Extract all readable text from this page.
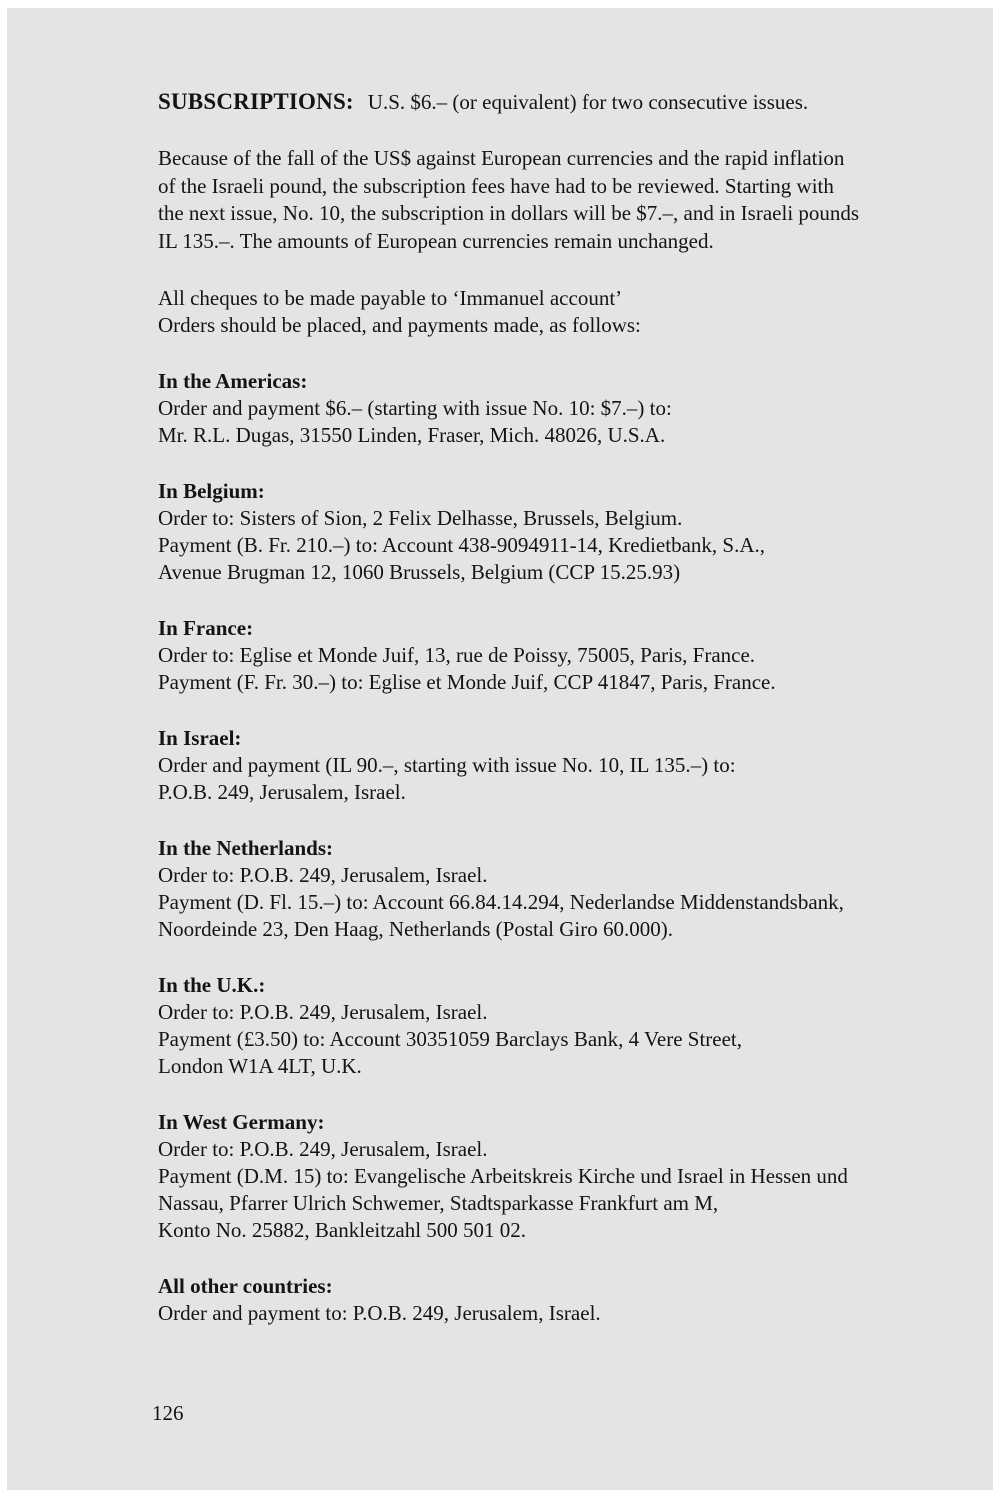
SUBSCRIPTIONS: U.S. $6.– (or equivalent) for two consecutive issues.

Because of the fall of the US$ against European currencies and the rapid inflation

of the Israeli pound, the subscription fees have had to be reviewed. Starting with

the next issue, No. 10, the subscription in dollars will be $7.–, and in Israeli pounds

IL 135.–. The amounts of European currencies remain unchanged.

All cheques to be made payable to ‘Immanuel account’

Orders should be placed, and payments made, as follows:

In the Americas:

Order and payment $6.– (starting with issue No. 10: $7.–) to:

Mr. R.L. Dugas, 31550 Linden, Fraser, Mich. 48026, U.S.A.

In Belgium:

Order to: Sisters of Sion, 2 Felix Delhasse, Brussels, Belgium.

Payment (B. Fr. 210.–) to: Account 438-9094911-14, Kredietbank, S.A.,

Avenue Brugman 12, 1060 Brussels, Belgium (CCP 15.25.93)

In France:

Order to: Eglise et Monde Juif, 13, rue de Poissy, 75005, Paris, France.

Payment (F. Fr. 30.–) to: Eglise et Monde Juif, CCP 41847, Paris, France.

In Israel:

Order and payment (IL 90.–, starting with issue No. 10, IL 135.–) to:

P.O.B. 249, Jerusalem, Israel.

In the Netherlands:

Order to: P.O.B. 249, Jerusalem, Israel.

Payment (D. Fl. 15.–) to: Account 66.84.14.294, Nederlandse Middenstandsbank,

Noordeinde 23, Den Haag, Netherlands (Postal Giro 60.000).

In the U.K.:

Order to: P.O.B. 249, Jerusalem, Israel.

Payment (£3.50) to: Account 30351059 Barclays Bank, 4 Vere Street,

London W1A 4LT, U.K.

In West Germany:

Order to: P.O.B. 249, Jerusalem, Israel.

Payment (D.M. 15) to: Evangelische Arbeitskreis Kirche und Israel in Hessen und

Nassau, Pfarrer Ulrich Schwemer, Stadtsparkasse Frankfurt am M,

Konto No. 25882, Bankleitzahl 500 501 02.

All other countries:

Order and payment to: P.O.B. 249, Jerusalem, Israel.

126
